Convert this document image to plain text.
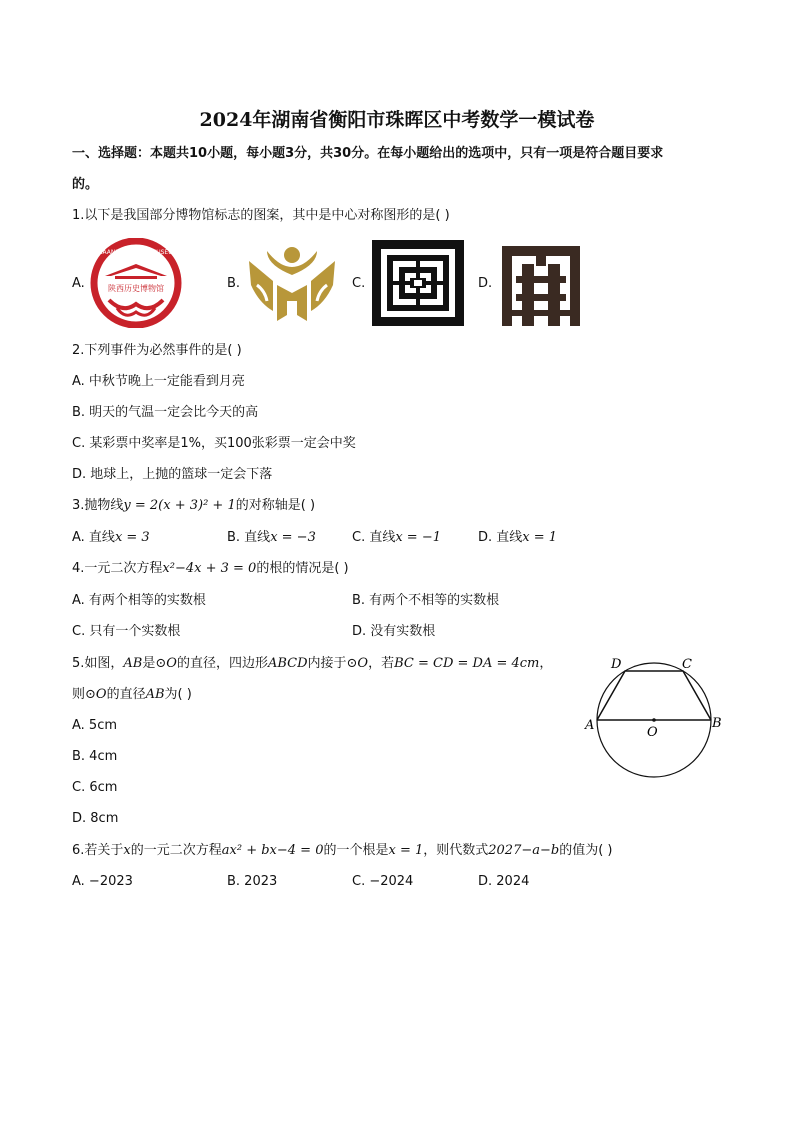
2024年湖南省衡阳市珠晖区中考数学一模试卷
一、选择题：本题共10小题，每小题3分，共30分。在每小题给出的选项中，只有一项是符合题目要求
的。
1.以下是我国部分博物馆标志的图案，其中是中心对称图形的是( )
A.	陕西历史博物馆
SHAANXI HISTORY MUSEUM
B.	C.	D.
2.下列事件为必然事件的是( )
A. 中秋节晚上一定能看到月亮
B. 明天的气温一定会比今天的高
C. 某彩票中奖率是1%，买100张彩票一定会中奖
D. 地球上，上抛的篮球一定会下落
3.抛物线y = 2(x + 3)² + 1的对称轴是( )
A. 直线x = 3	B. 直线x = −3	C. 直线x = −1	D. 直线x = 1
4.一元二次方程x²−4x + 3 = 0的根的情况是( )
A. 有两个相等的实数根	B. 有两个不相等的实数根
C. 只有一个实数根	D. 没有实数根
5.如图，AB是⊙O的直径，四边形ABCD内接于⊙O，若BC = CD = DA = 4cm，
则⊙O的直径AB为( )
A. 5cm
B. 4cm
C. 6cm
D. 8cm
A	B
C
D
O
6.若关于x的一元二次方程ax² + bx−4 = 0的一个根是x = 1，则代数式2027−a−b的值为( )
A. −2023	B. 2023	C. −2024	D. 2024
